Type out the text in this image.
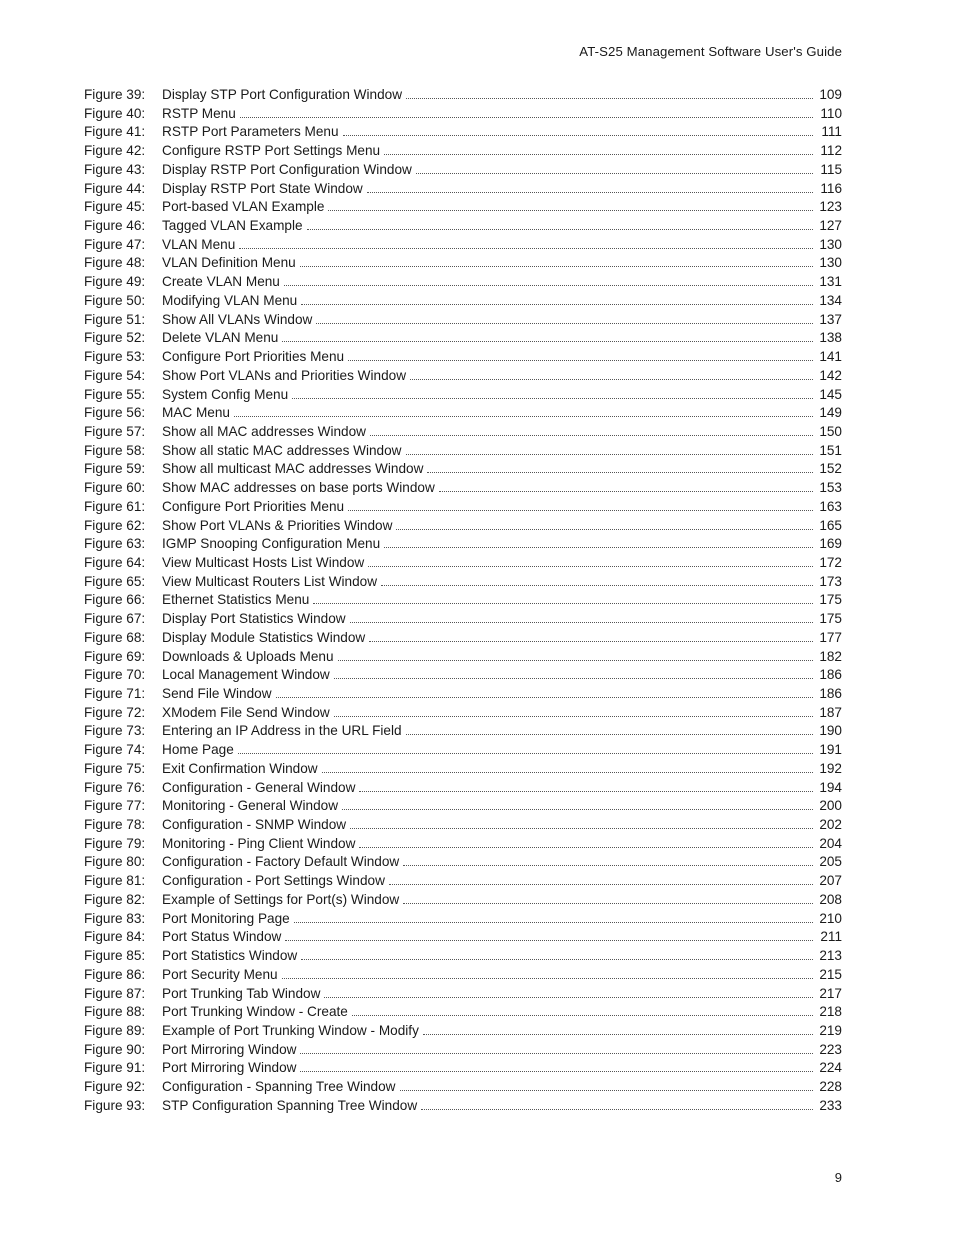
AT-S25 Management Software User's Guide
Figure 39:	Display STP Port Configuration Window	109
Figure 40:	RSTP Menu	110
Figure 41:	RSTP Port Parameters Menu	111
Figure 42:	Configure RSTP Port Settings Menu	112
Figure 43:	Display RSTP Port Configuration Window	115
Figure 44:	Display RSTP Port State Window	116
Figure 45:	Port-based VLAN Example	123
Figure 46:	Tagged VLAN Example	127
Figure 47:	VLAN Menu	130
Figure 48:	VLAN Definition Menu	130
Figure 49:	Create VLAN Menu	131
Figure 50:	Modifying VLAN Menu	134
Figure 51:	Show All VLANs Window	137
Figure 52:	Delete VLAN Menu	138
Figure 53:	Configure Port Priorities Menu	141
Figure 54:	Show Port VLANs and Priorities Window	142
Figure 55:	System Config Menu	145
Figure 56:	MAC Menu	149
Figure 57:	Show all MAC addresses Window	150
Figure 58:	Show all static MAC addresses Window	151
Figure 59:	Show all multicast MAC addresses Window	152
Figure 60:	Show MAC addresses on base ports Window	153
Figure 61:	Configure Port Priorities Menu	163
Figure 62:	Show Port VLANs & Priorities Window	165
Figure 63:	IGMP Snooping Configuration Menu	169
Figure 64:	View Multicast Hosts List Window	172
Figure 65:	View Multicast Routers List Window	173
Figure 66:	Ethernet Statistics Menu	175
Figure 67:	Display Port Statistics Window	175
Figure 68:	Display Module Statistics Window	177
Figure 69:	Downloads & Uploads Menu	182
Figure 70:	Local Management Window	186
Figure 71:	Send File Window	186
Figure 72:	XModem File Send Window	187
Figure 73:	Entering an IP Address in the URL Field	190
Figure 74:	Home Page	191
Figure 75:	Exit Confirmation Window	192
Figure 76:	Configuration - General Window	194
Figure 77:	Monitoring - General Window	200
Figure 78:	Configuration - SNMP Window	202
Figure 79:	Monitoring - Ping Client Window	204
Figure 80:	Configuration - Factory Default Window	205
Figure 81:	Configuration - Port Settings Window	207
Figure 82:	Example of Settings for Port(s) Window	208
Figure 83:	Port Monitoring Page	210
Figure 84:	Port Status Window	211
Figure 85:	Port Statistics Window	213
Figure 86:	Port Security Menu	215
Figure 87:	Port Trunking Tab Window	217
Figure 88:	Port Trunking Window - Create	218
Figure 89:	Example of Port Trunking Window - Modify	219
Figure 90:	Port Mirroring Window	223
Figure 91:	Port Mirroring Window	224
Figure 92:	Configuration - Spanning Tree Window	228
Figure 93:	STP Configuration Spanning Tree Window	233
9
